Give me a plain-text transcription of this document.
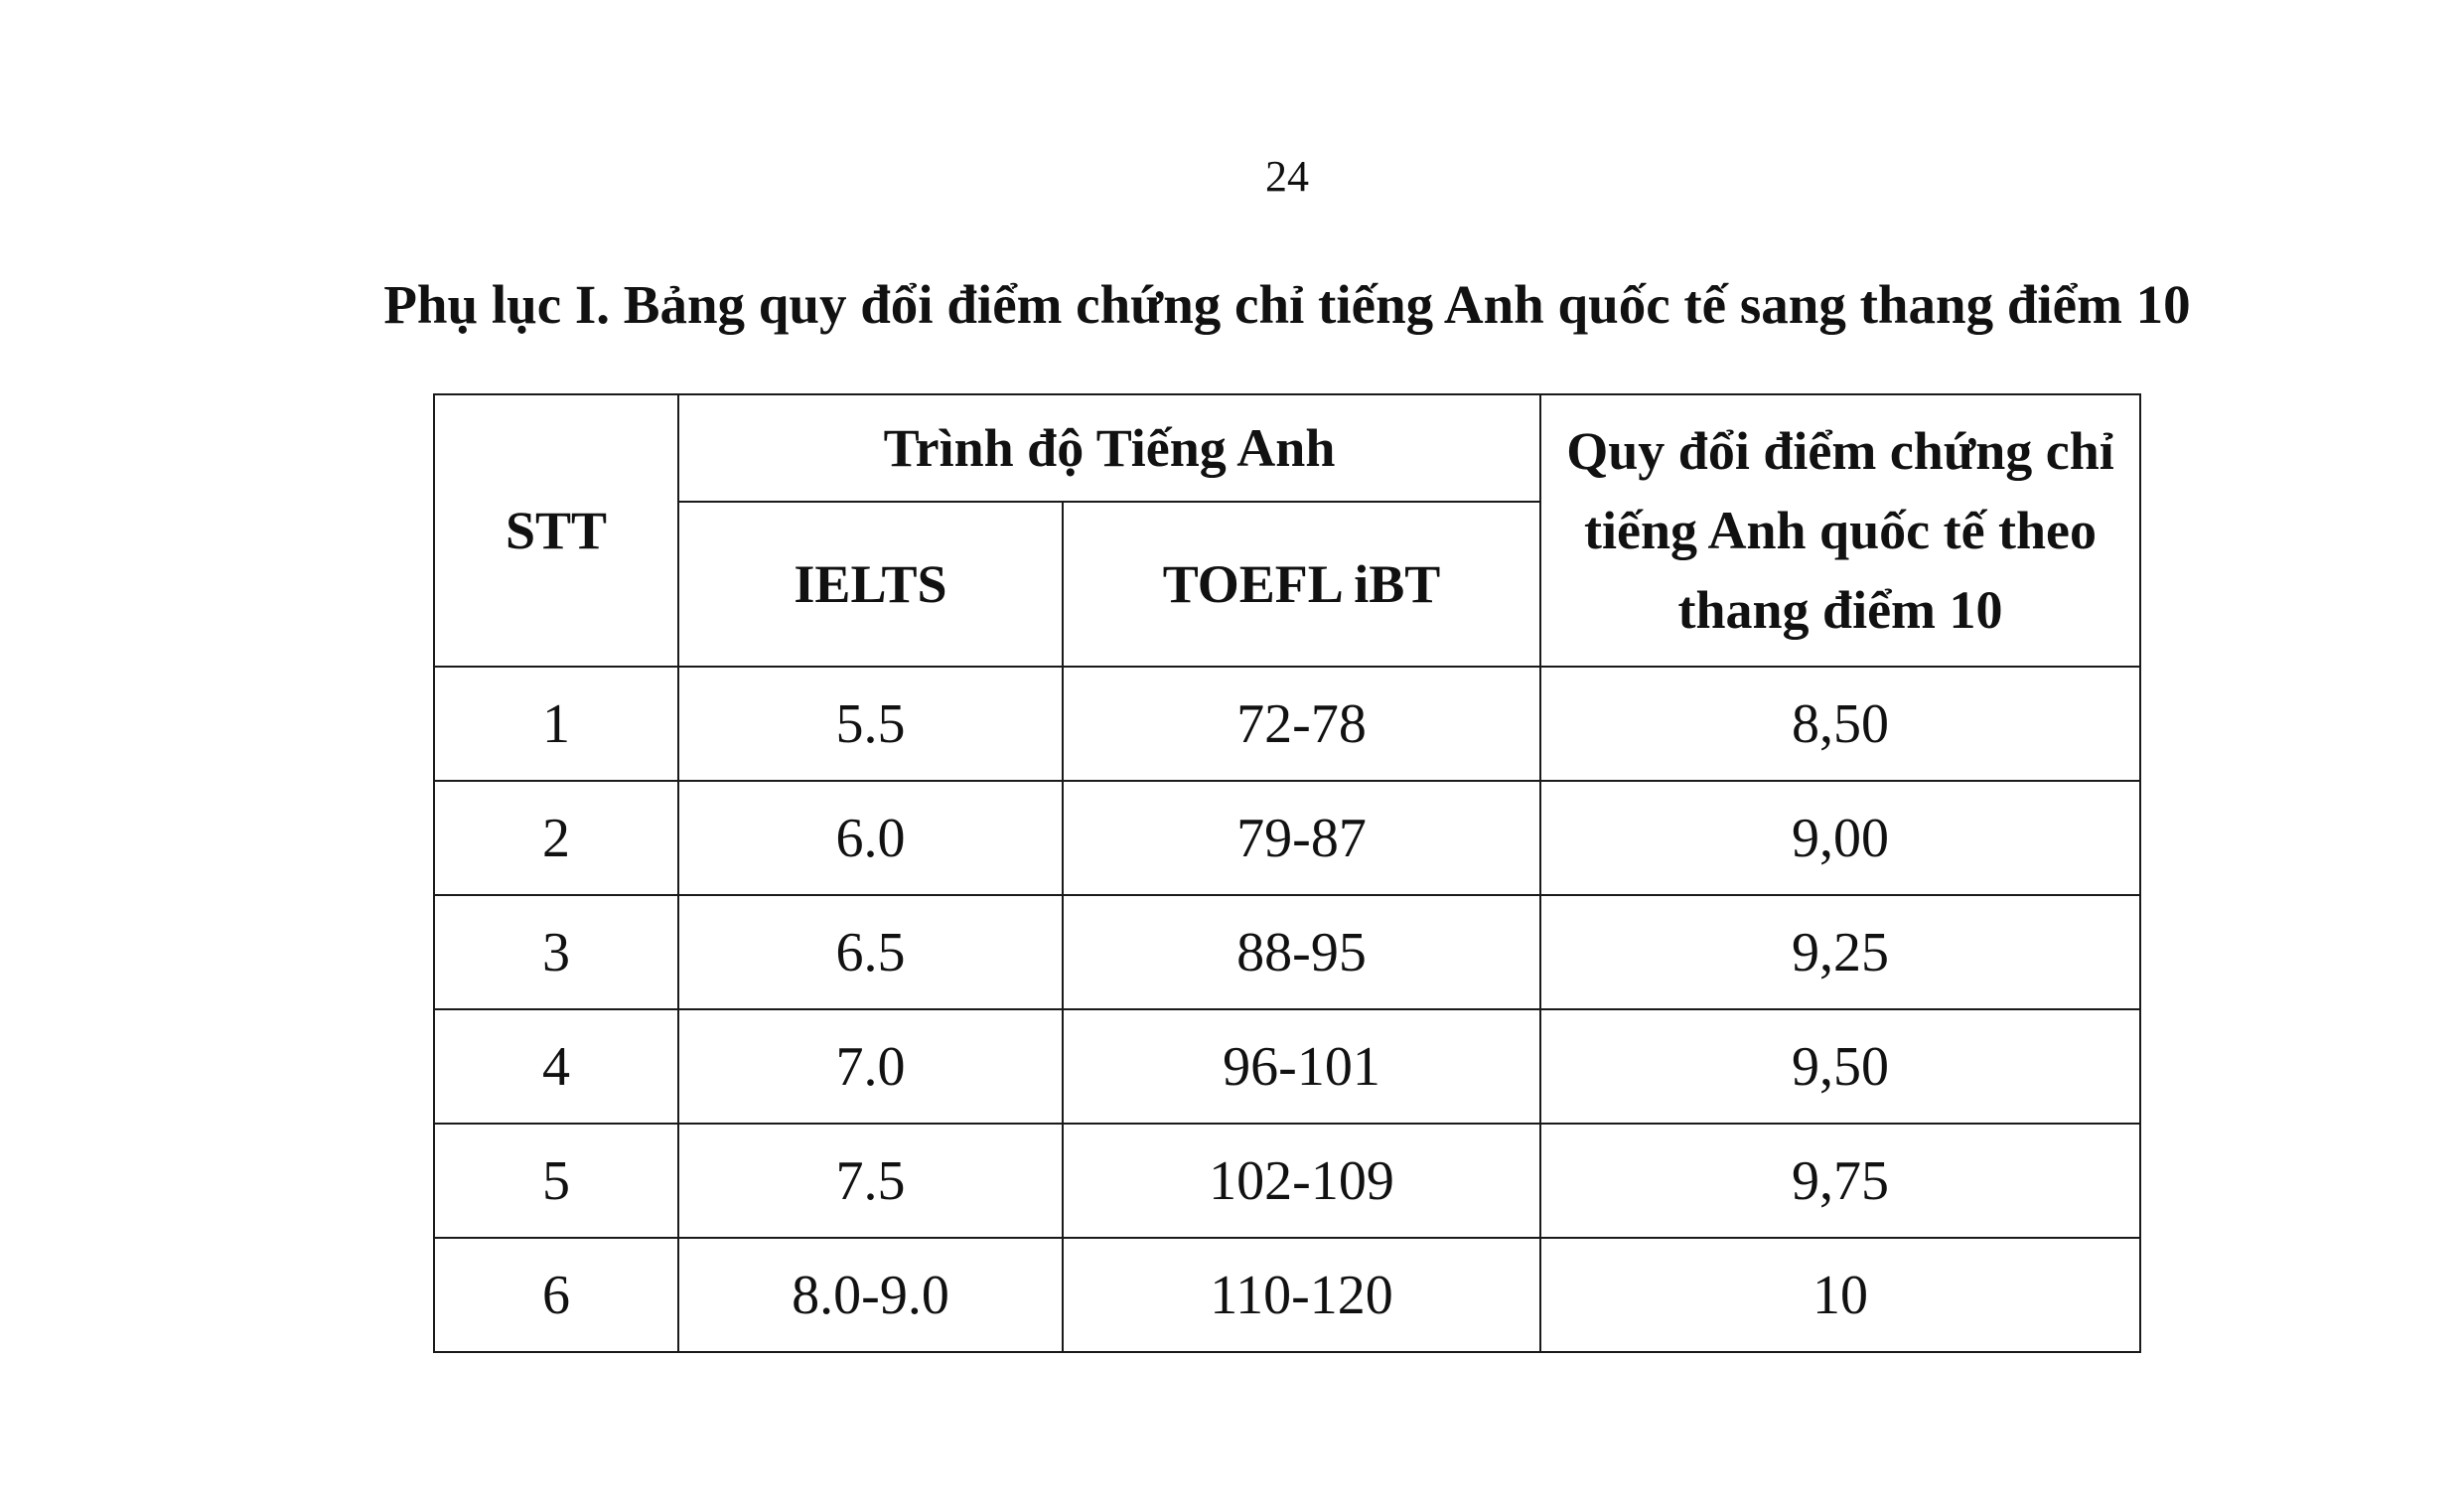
24
Phụ lục I. Bảng quy đổi điểm chứng chỉ tiếng Anh quốc tế sang thang điểm 10
STT	Trình độ Tiếng Anh		Quy đổi điểm chứng chỉ
tiếng Anh quốc tế theo
thang điểm 10
	IELTS	TOEFL iBT	
1	5.5	72-78	8,50
2	6.0	79-87	9,00
3	6.5	88-95	9,25
4	7.0	96-101	9,50
5	7.5	102-109	9,75
6	8.0-9.0	110-120	10
